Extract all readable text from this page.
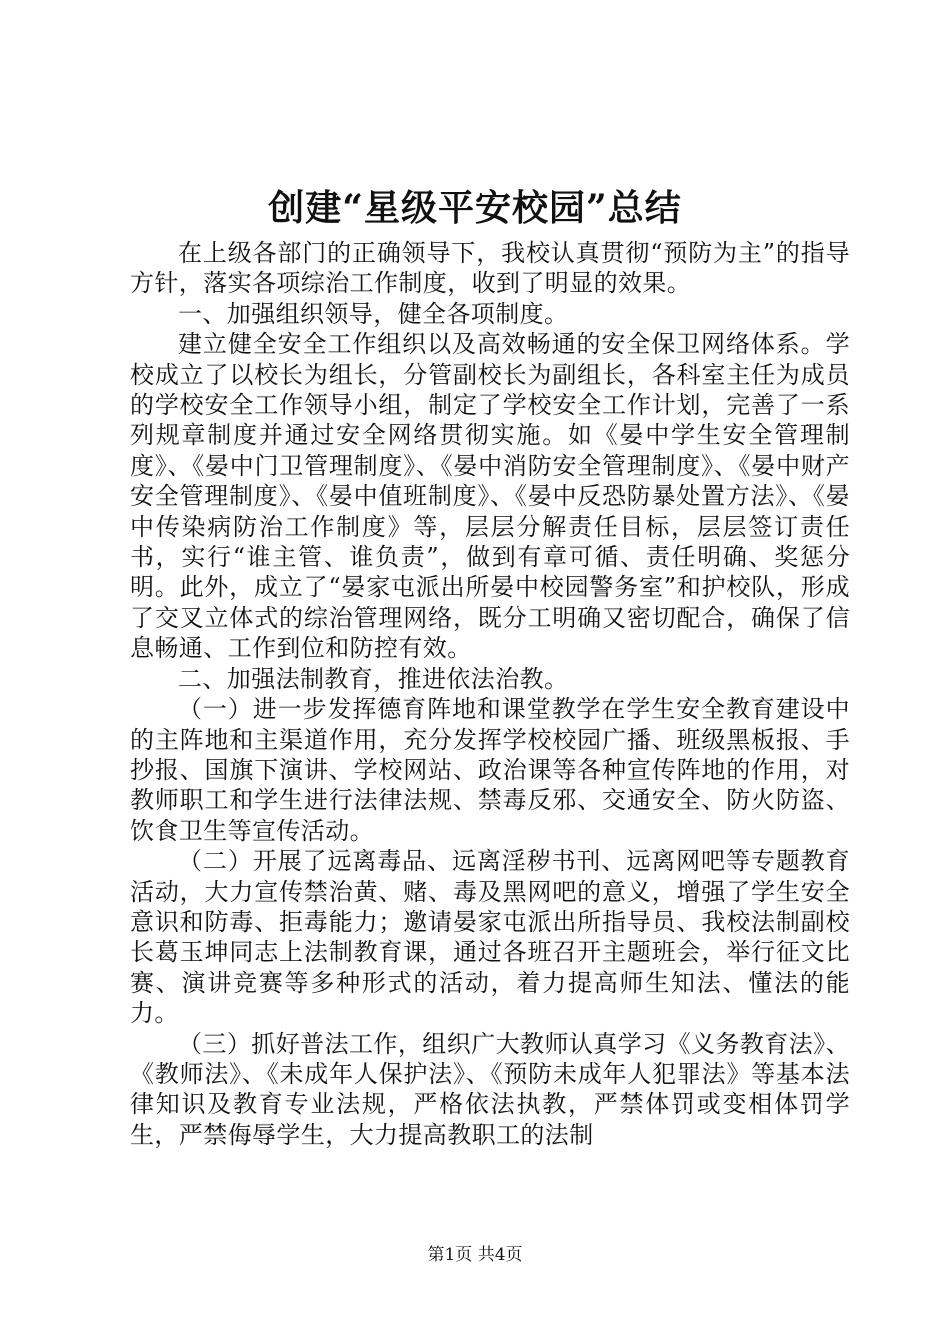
创建“星级平安校园”总结

在上级各部门的正确领导下，我校认真贯彻“预防为主”的指导方针，落实各项综治工作制度，收到了明显的效果。

一、加强组织领导，健全各项制度。

建立健全安全工作组织以及高效畅通的安全保卫网络体系。学校成立了以校长为组长，分管副校长为副组长，各科室主任为成员的学校安全工作领导小组，制定了学校安全工作计划，完善了一系列规章制度并通过安全网络贯彻实施。如《晏中学生安全管理制度》、《晏中门卫管理制度》、《晏中消防安全管理制度》、《晏中财产安全管理制度》、《晏中值班制度》、《晏中反恐防暴处置方法》、《晏中传染病防治工作制度》等，层层分解责任目标，层层签订责任书，实行“谁主管、谁负责”，做到有章可循、责任明确、奖惩分明。此外，成立了“晏家屯派出所晏中校园警务室”和护校队，形成了交叉立体式的综治管理网络，既分工明确又密切配合，确保了信息畅通、工作到位和防控有效。

二、加强法制教育，推进依法治教。

（一）进一步发挥德育阵地和课堂教学在学生安全教育建设中的主阵地和主渠道作用，充分发挥学校校园广播、班级黑板报、手抄报、国旗下演讲、学校网站、政治课等各种宣传阵地的作用，对教师职工和学生进行法律法规、禁毒反邪、交通安全、防火防盗、饮食卫生等宣传活动。

（二）开展了远离毒品、远离淫秽书刊、远离网吧等专题教育活动，大力宣传禁治黄、赌、毒及黑网吧的意义，增强了学生安全意识和防毒、拒毒能力；邀请晏家屯派出所指导员、我校法制副校长葛玉坤同志上法制教育课，通过各班召开主题班会，举行征文比赛、演讲竞赛等多种形式的活动，着力提高师生知法、懂法的能力。

（三）抓好普法工作，组织广大教师认真学习《义务教育法》、《教师法》、《未成年人保护法》、《预防未成年人犯罪法》等基本法律知识及教育专业法规，严格依法执教，严禁体罚或变相体罚学生，严禁侮辱学生，大力提高教职工的法制

第1页 共4页
